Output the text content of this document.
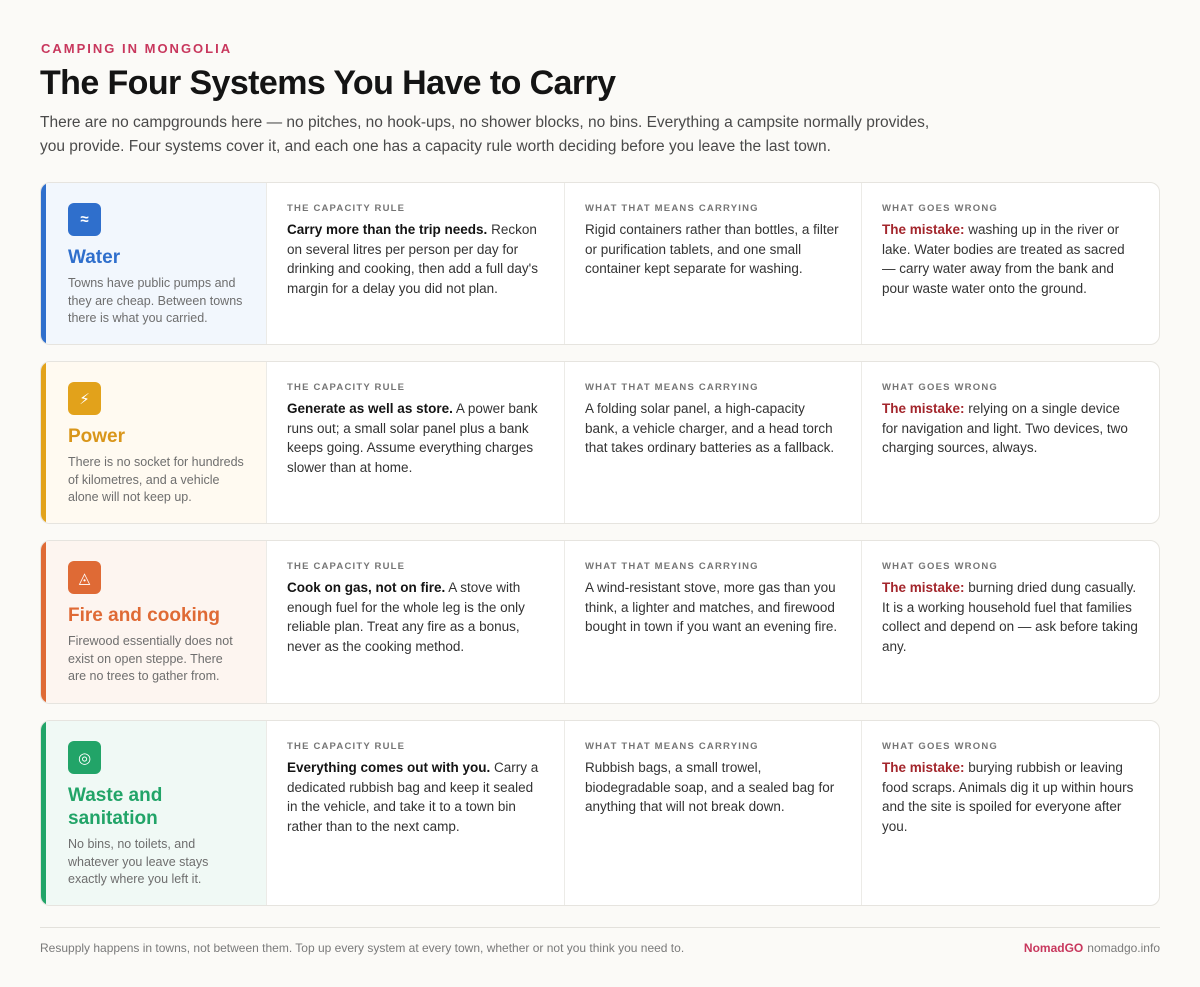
CAMPING IN MONGOLIA
The Four Systems You Have to Carry

There are no campgrounds here — no pitches, no hook-ups, no shower blocks, no bins. Everything a campsite normally provides, you provide. Four systems cover it, and each one has a capacity rule worth deciding before you leave the last town.

≈
Water
Towns have public pumps and they are cheap. Between towns there is what you carried.
THE CAPACITY RULE
Carry more than the trip needs. Reckon on several litres per person per day for drinking and cooking, then add a full day's margin for a delay you did not plan.
WHAT THAT MEANS CARRYING
Rigid containers rather than bottles, a filter or purification tablets, and one small container kept separate for washing.
WHAT GOES WRONG
The mistake: washing up in the river or lake. Water bodies are treated as sacred — carry water away from the bank and pour waste water onto the ground.
⚡
Power
There is no socket for hundreds of kilometres, and a vehicle alone will not keep up.
THE CAPACITY RULE
Generate as well as store. A power bank runs out; a small solar panel plus a bank keeps going. Assume everything charges slower than at home.
WHAT THAT MEANS CARRYING
A folding solar panel, a high-capacity bank, a vehicle charger, and a head torch that takes ordinary batteries as a fallback.
WHAT GOES WRONG
The mistake: relying on a single device for navigation and light. Two devices, two charging sources, always.
◬
Fire and cooking
Firewood essentially does not exist on open steppe. There are no trees to gather from.
THE CAPACITY RULE
Cook on gas, not on fire. A stove with enough fuel for the whole leg is the only reliable plan. Treat any fire as a bonus, never as the cooking method.
WHAT THAT MEANS CARRYING
A wind-resistant stove, more gas than you think, a lighter and matches, and firewood bought in town if you want an evening fire.
WHAT GOES WRONG
The mistake: burning dried dung casually. It is a working household fuel that families collect and depend on — ask before taking any.
◎
Waste and sanitation
No bins, no toilets, and whatever you leave stays exactly where you left it.
THE CAPACITY RULE
Everything comes out with you. Carry a dedicated rubbish bag and keep it sealed in the vehicle, and take it to a town bin rather than to the next camp.
WHAT THAT MEANS CARRYING
Rubbish bags, a small trowel, biodegradable soap, and a sealed bag for anything that will not break down.
WHAT GOES WRONG
The mistake: burying rubbish or leaving food scraps. Animals dig it up within hours and the site is spoiled for everyone after you.
Resupply happens in towns, not between them. Top up every system at every town, whether or not you think you need to.	NomadGO nomadgo.info
